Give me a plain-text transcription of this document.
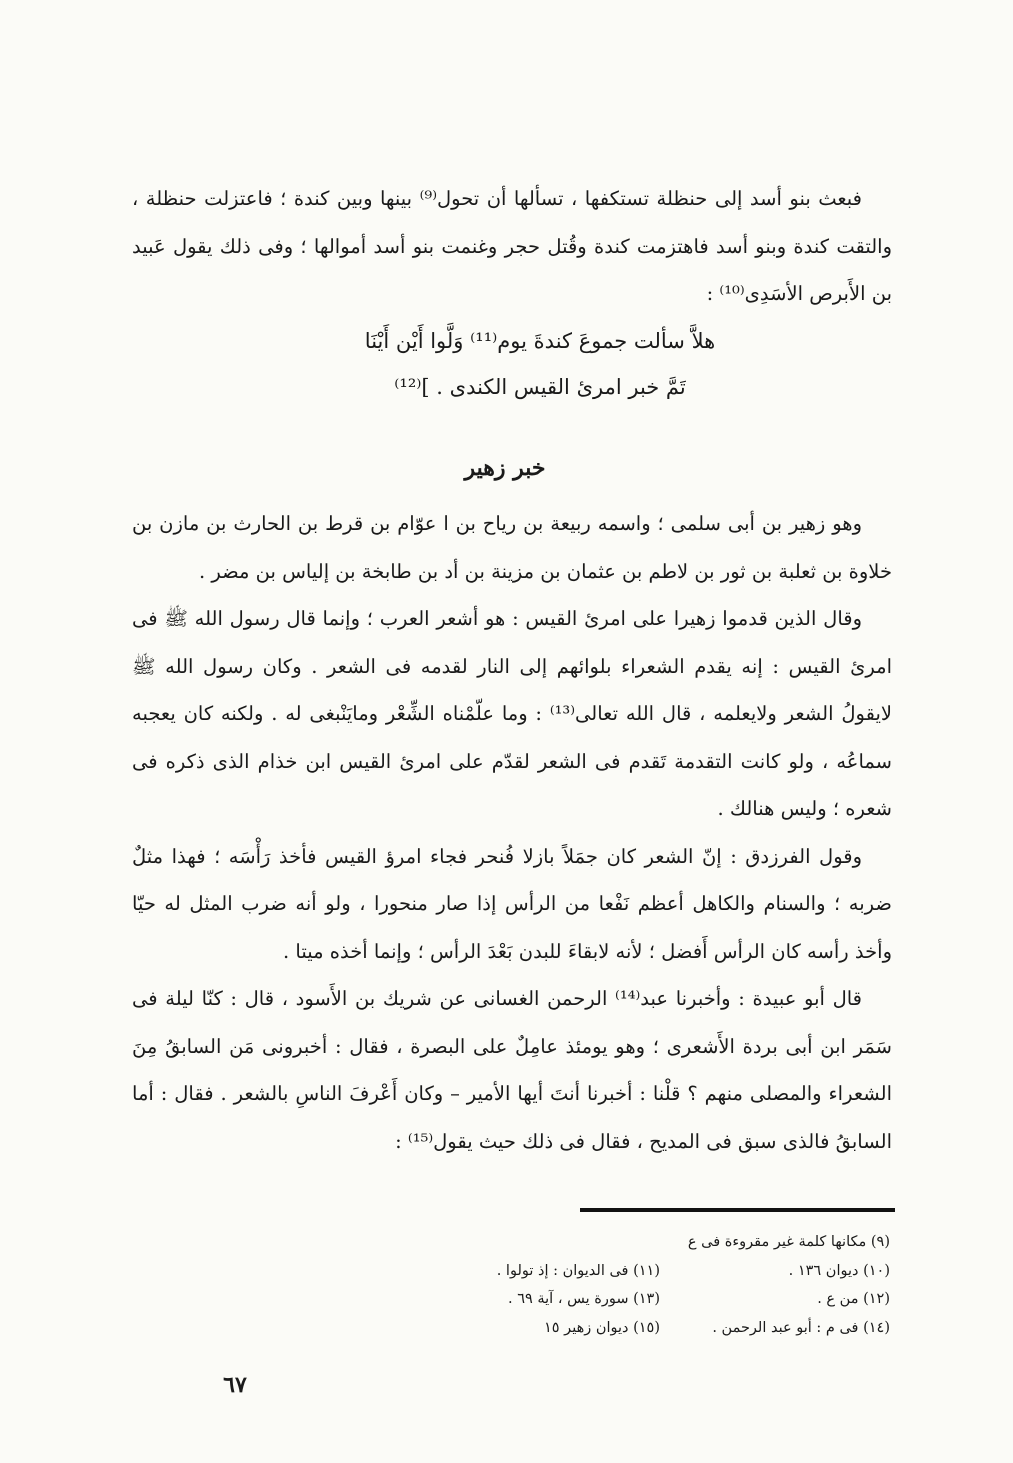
فبعث بنو أسد إلى حنظلة تستكفها ، تسألها أن تحول⁽⁹⁾ بينها وبين كندة ؛ فاعتزلت حنظلة ، والتقت كندة وبنو أسد فاهتزمت كندة وقُتل حجر وغنمت بنو أسد أموالها ؛ وفى ذلك يقول عَبيد بن الأَبرص الأسَدِى⁽¹⁰⁾ :

هلاَّ سألت جموعَ كندةَ يوم⁽¹¹⁾ وَلَّوا أَيْن أَيْنَا
تَمَّ خبر امرئ القيس الكندى . ]⁽¹²⁾
خبر زهير

وهو زهير بن أبى سلمى ؛ واسمه ربيعة بن رياح بن ا عوّام بن قرط بن الحارث بن مازن بن خلاوة بن ثعلبة بن ثور بن لاطم بن عثمان بن مزينة بن أد بن طابخة بن إلياس بن مضر .

وقال الذين قدموا زهيرا على امرئ القيس : هو أشعر العرب ؛ وإنما قال رسول الله ﷺ فى امرئ القيس : إنه يقدم الشعراء بلوائهم إلى النار لقدمه فى الشعر . وكان رسول الله ﷺ لايقولُ الشعر ولايعلمه ، قال الله تعالى⁽¹³⁾ : وما علّمْناه الشِّعْر ومايَنْبغى له . ولكنه كان يعجبه سماعُه ، ولو كانت التقدمة تَقدم فى الشعر لقدّم على امرئ القيس ابن خذام الذى ذكره فى شعره ؛ وليس هنالك .

وقول الفرزدق : إنّ الشعر كان جمَلاً بازلا فُنحر فجاء امرؤ القيس فأخذ رَأْسَه ؛ فهذا مثلٌ ضربه ؛ والسنام والكاهل أعظم نَفْعا من الرأس إذا صار منحورا ، ولو أنه ضرب المثل له حيّا وأخذ رأسه كان الرأس أَفضل ؛ لأنه لابقاءَ للبدن بَعْدَ الرأس ؛ وإنما أخذه ميتا .

قال أبو عبيدة : وأخبرنا عبد⁽¹⁴⁾ الرحمن الغسانى عن شريك بن الأَسود ، قال : كنّا ليلة فى سَمَر ابن أبى بردة الأَشعرى ؛ وهو يومئذ عامِلٌ على البصرة ، فقال : أخبرونى مَن السابقُ مِنَ الشعراء والمصلى منهم ؟ قلْنا : أخبرنا أنتَ أيها الأمير – وكان أَعْرفَ الناسِ بالشعر . فقال : أما السابقُ فالذى سبق فى المديح ، فقال فى ذلك حيث يقول⁽¹⁵⁾ :

(٩) مكانها كلمة غير مقروءة فى ع
(١٠) ديوان ١٣٦ .
(١١) فى الديوان : إذ تولوا .
(١٢) من ع .
(١٣) سورة يس ، آية ٦٩ .
(١٤) فى م : أبو عبد الرحمن .
(١٥) ديوان زهير ١٥
٦٧
